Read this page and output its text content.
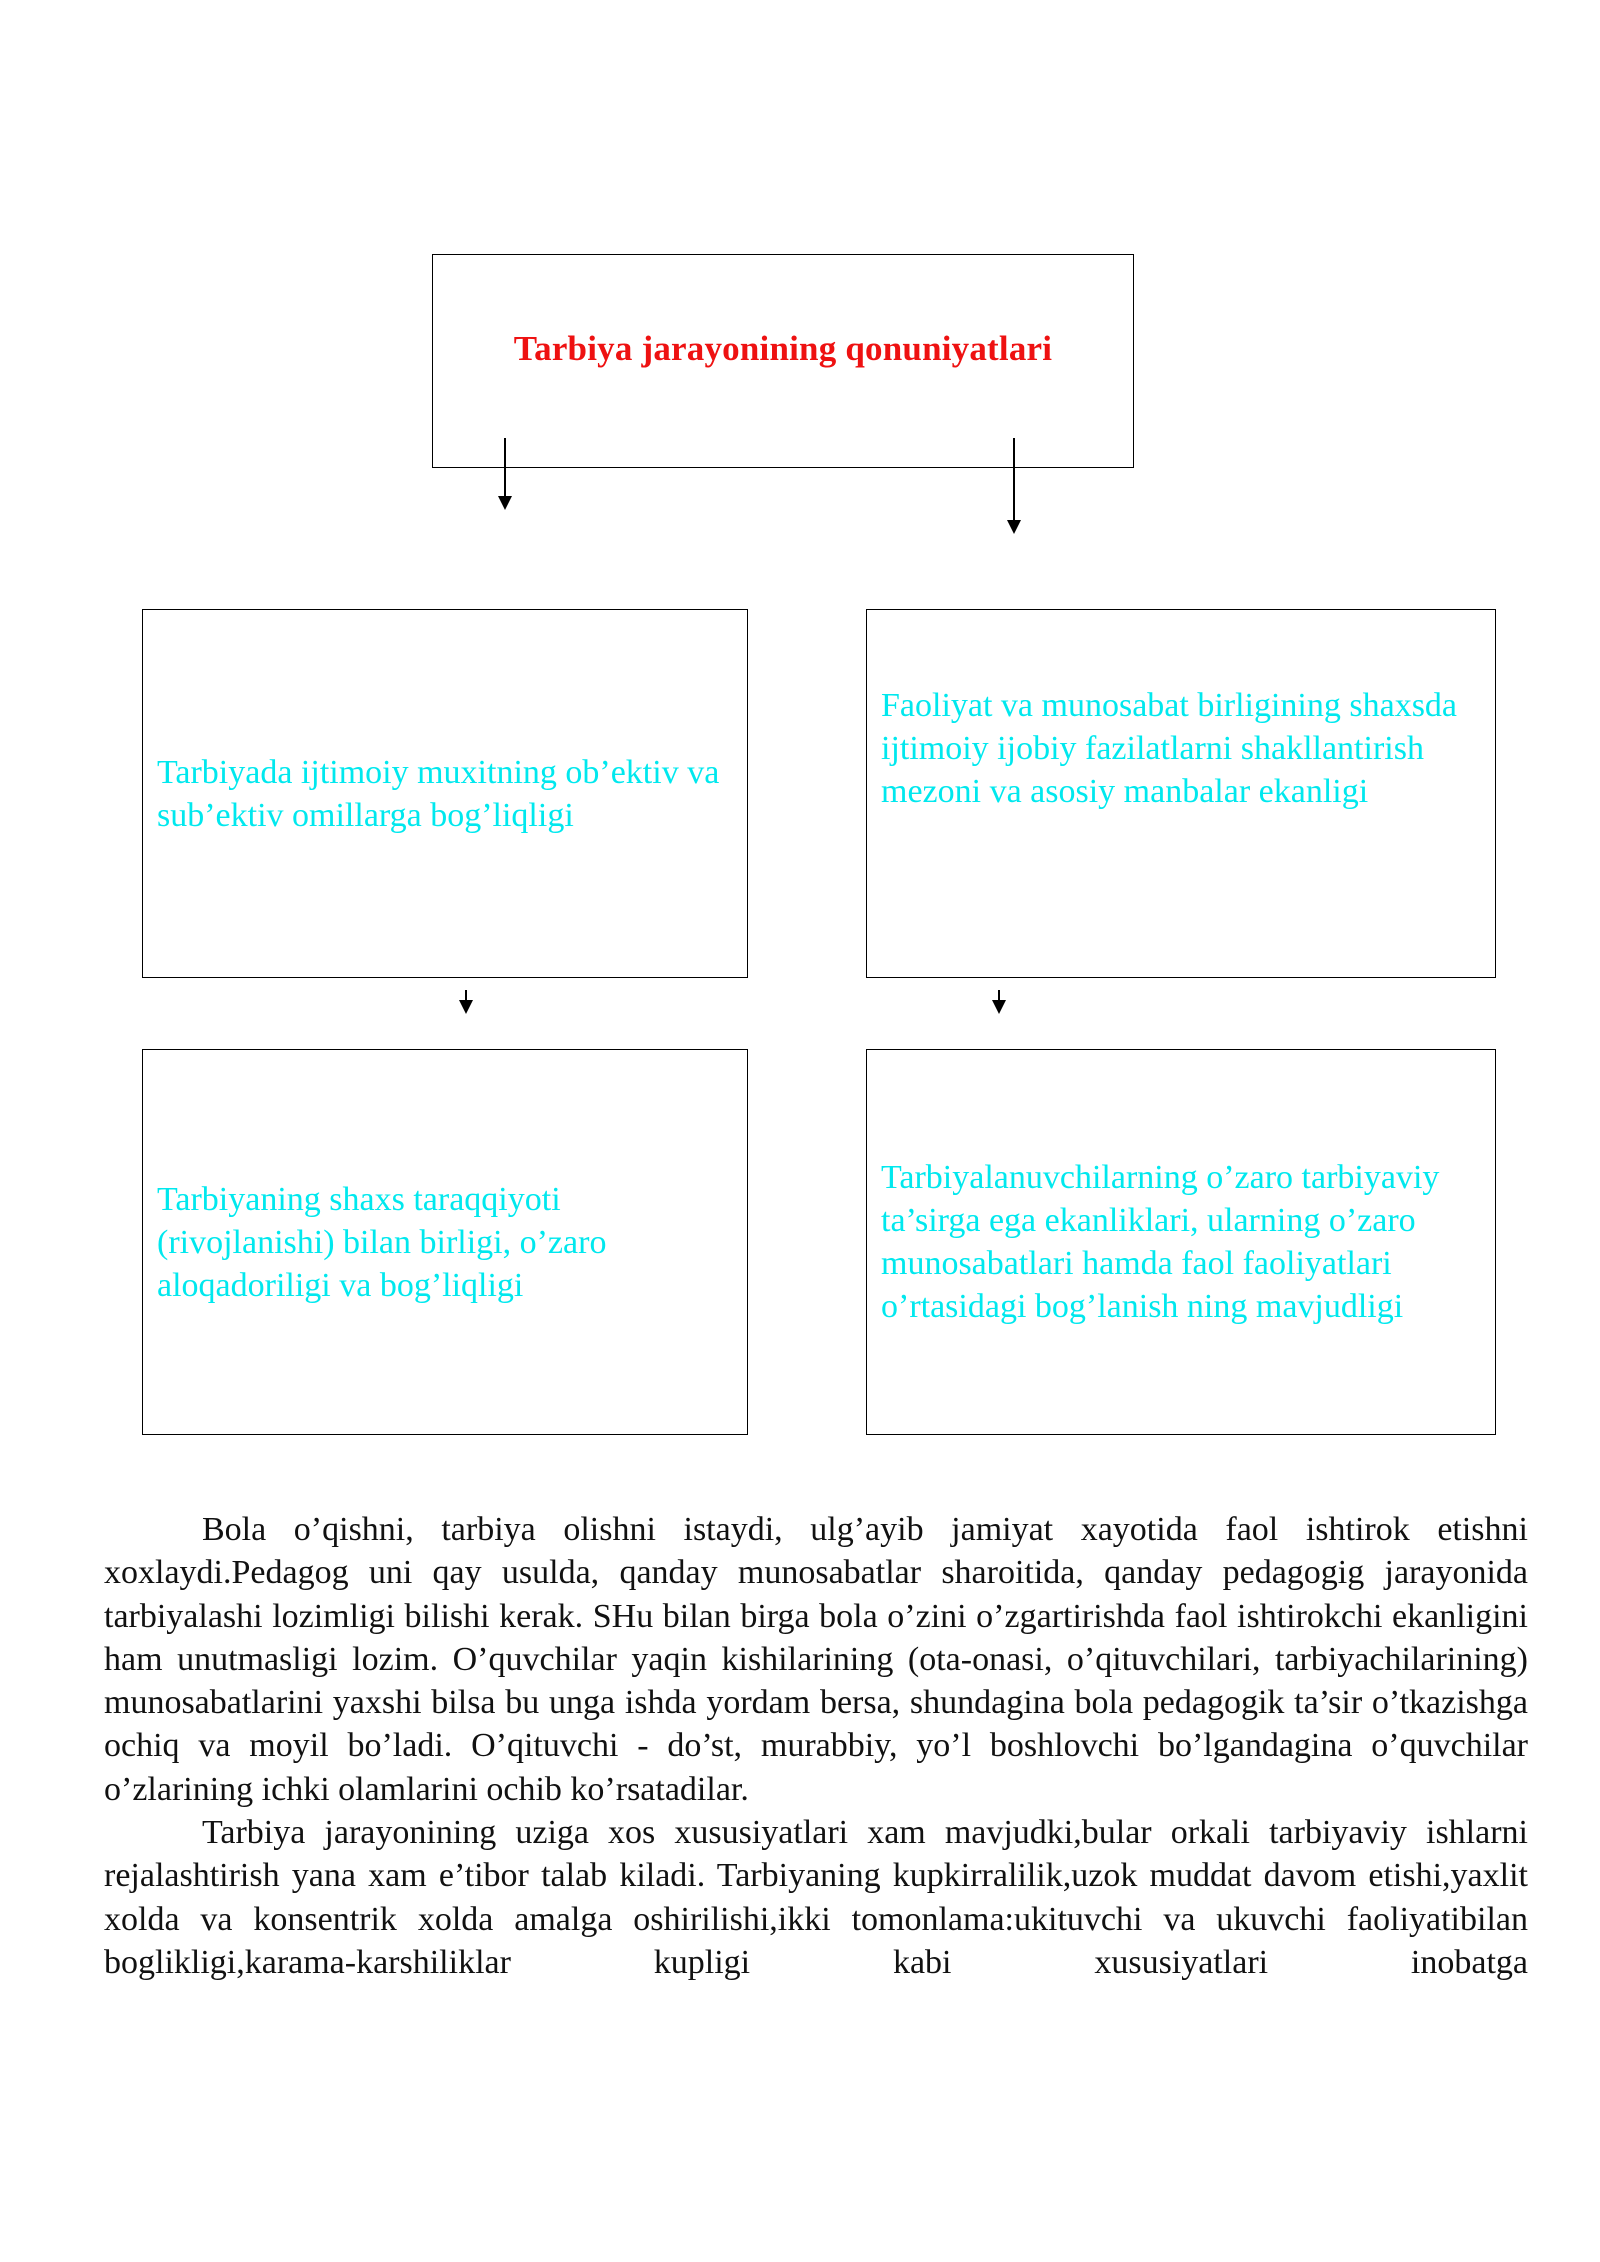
Tarbiya jarayonining qonuniyatlari

Tarbiyada ijtimoiy muxitning ob’ektiv va sub’ektiv omillarga bog’liqligi

Faoliyat va munosabat birligining shaxsda ijtimoiy ijobiy fazilatlarni shakllantirish mezoni va asosiy manbalar ekanligi

Tarbiyaning shaxs taraqqiyoti (rivojlanishi) bilan birligi, o’zaro aloqadoriligi va bog’liqligi

Tarbiyalanuvchilarning o’zaro tarbiyaviy ta’sirga ega ekanliklari, ularning o’zaro munosabatlari hamda faol faoliyatlari o’rtasidagi bog’lanish ning mavjudligi

Bola o’qishni, tarbiya olishni istaydi, ulg’ayib jamiyat xayotida faol ishtirok etishni xoxlaydi.Pedagog uni qay usulda, qanday munosabatlar sharoitida, qanday pedagogig jarayonida tarbiyalashi lozimligi bilishi kerak. SHu bilan birga bola o’zini o’zgartirishda faol ishtirokchi ekanligini ham unutmasligi lozim. O’quvchilar yaqin kishilarining (ota-onasi, o’qituvchilari, tarbiyachilarining) munosabatlarini yaxshi bilsa bu unga ishda yordam bersa, shundagina bola pedagogik ta’sir o’tkazishga ochiq va moyil bo’ladi. O’qituvchi - do’st, murabbiy, yo’l boshlovchi bo’lgandagina o’quvchilar o’zlarining ichki olamlarini ochib ko’rsatadilar.

Tarbiya jarayonining uziga xos xususiyatlari xam mavjudki,bular orkali tarbiyaviy ishlarni rejalashtirish yana xam e’tibor talab kiladi. Tarbiyaning kupkirralilik,uzok muddat davom etishi,yaxlit xolda va konsentrik xolda amalga oshirilishi,ikki tomonlama:ukituvchi va ukuvchi faoliyatibilan boglikligi,karama-karshiliklar kupligi kabi xususiyatlari inobatga
